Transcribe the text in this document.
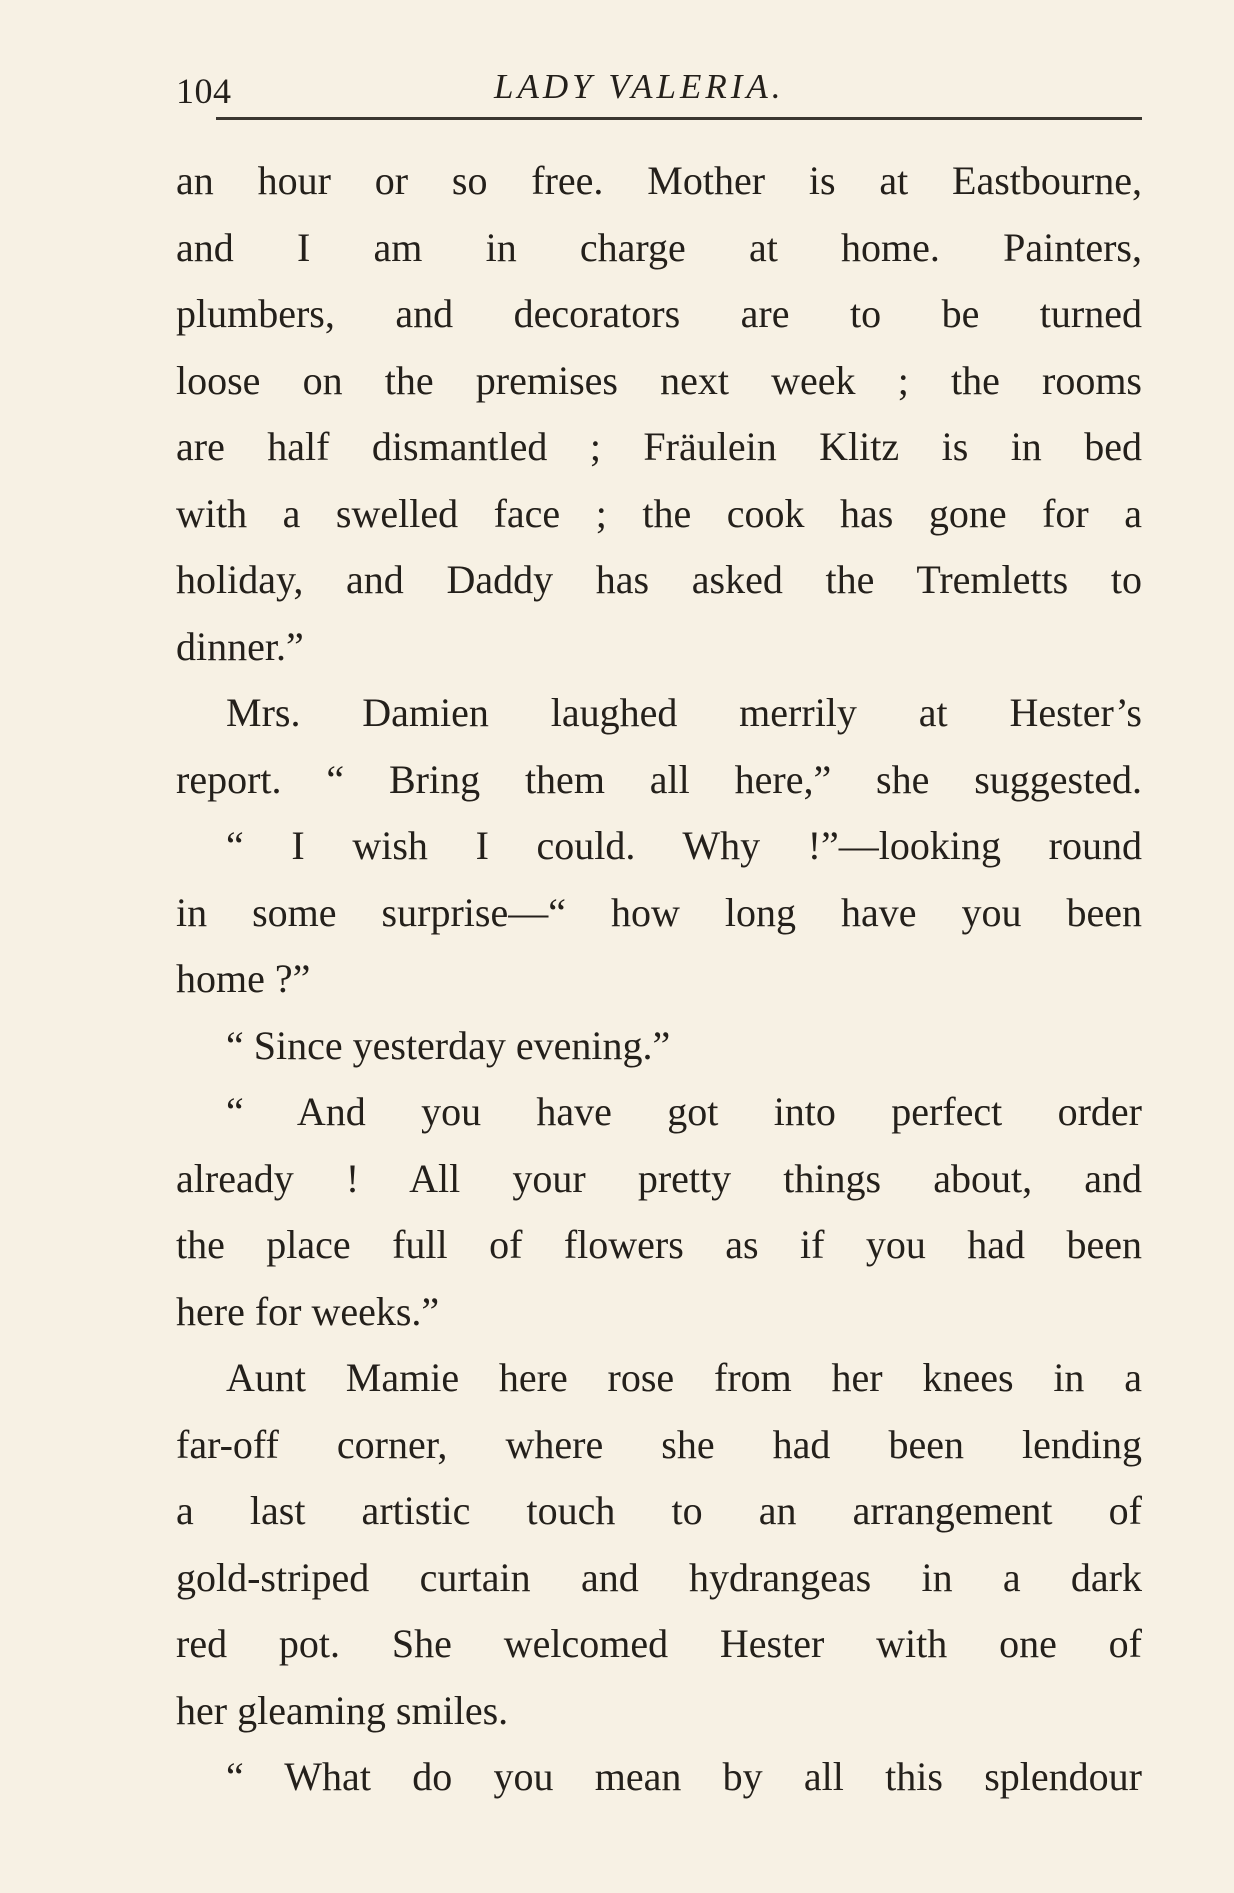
104	LADY VALERIA.
an hour or so free. Mother is at Eastbourne,
and I am in charge at home. Painters,
plumbers, and decorators are to be turned
loose on the premises next week ; the rooms
are half dismantled ; Fräulein Klitz is in bed
with a swelled face ; the cook has gone for a
holiday, and Daddy has asked the Tremletts to
dinner.”
Mrs. Damien laughed merrily at Hester’s
report. “ Bring them all here,” she suggested.
“ I wish I could. Why !”—looking round
in some surprise—“ how long have you been
home ?”
“ Since yesterday evening.”
“ And you have got into perfect order
already ! All your pretty things about, and
the place full of flowers as if you had been
here for weeks.”
Aunt Mamie here rose from her knees in a
far-off corner, where she had been lending
a last artistic touch to an arrangement of
gold-striped curtain and hydrangeas in a dark
red pot. She welcomed Hester with one of
her gleaming smiles.
“ What do you mean by all this splendour
